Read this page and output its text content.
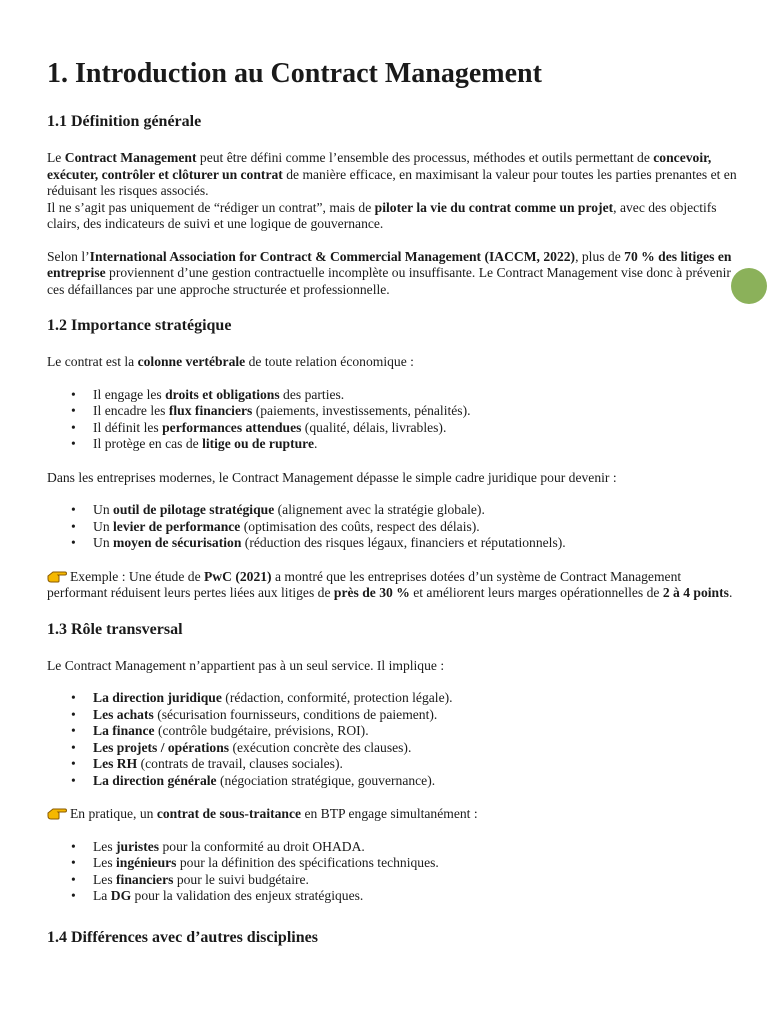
1. Introduction au Contract Management
1.1 Définition générale

Le Contract Management peut être défini comme l’ensemble des processus, méthodes et outils permettant de concevoir, exécuter, contrôler et clôturer un contrat de manière efficace, en maximisant la valeur pour toutes les parties prenantes et en réduisant les risques associés.

Il ne s’agit pas uniquement de “rédiger un contrat”, mais de piloter la vie du contrat comme un projet, avec des objectifs clairs, des indicateurs de suivi et une logique de gouvernance.

Selon l’International Association for Contract & Commercial Management (IACCM, 2022), plus de 70 % des litiges en entreprise proviennent d’une gestion contractuelle incomplète ou insuffisante. Le Contract Management vise donc à prévenir ces défaillances par une approche structurée et professionnelle.

1.2 Importance stratégique

Le contrat est la colonne vertébrale de toute relation économique :

• Il engage les droits et obligations des parties.
• Il encadre les flux financiers (paiements, investissements, pénalités).
• Il définit les performances attendues (qualité, délais, livrables).
• Il protège en cas de litige ou de rupture.

Dans les entreprises modernes, le Contract Management dépasse le simple cadre juridique pour devenir :

• Un outil de pilotage stratégique (alignement avec la stratégie globale).
• Un levier de performance (optimisation des coûts, respect des délais).
• Un moyen de sécurisation (réduction des risques légaux, financiers et réputationnels).

Exemple : Une étude de PwC (2021) a montré que les entreprises dotées d’un système de Contract Management performant réduisent leurs pertes liées aux litiges de près de 30 % et améliorent leurs marges opérationnelles de 2 à 4 points.

1.3 Rôle transversal

Le Contract Management n’appartient pas à un seul service. Il implique :

• La direction juridique (rédaction, conformité, protection légale).
• Les achats (sécurisation fournisseurs, conditions de paiement).
• La finance (contrôle budgétaire, prévisions, ROI).
• Les projets / opérations (exécution concrète des clauses).
• Les RH (contrats de travail, clauses sociales).
• La direction générale (négociation stratégique, gouvernance).

En pratique, un contrat de sous-traitance en BTP engage simultanément :

• Les juristes pour la conformité au droit OHADA.
• Les ingénieurs pour la définition des spécifications techniques.
• Les financiers pour le suivi budgétaire.
• La DG pour la validation des enjeux stratégiques.
1.4 Différences avec d’autres disciplines
